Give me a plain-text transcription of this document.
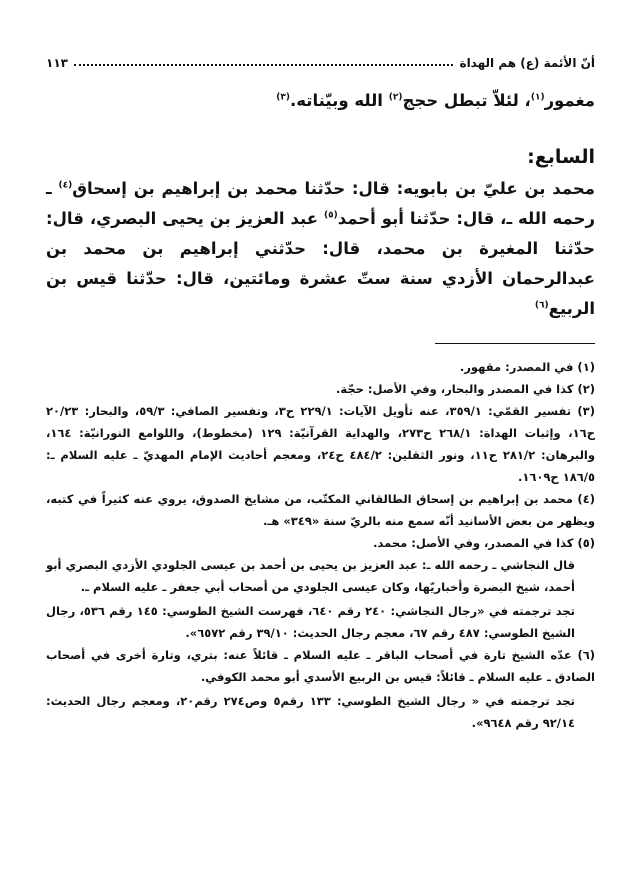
أنّ الأئمة (ع) هم الهداة
١١٣

مغمور$^{(١)}$، لئلاّ تبطل حجج$^{(٢)}$ الله وبيّناته.$^{(٣)}$

السابع:

محمد بن عليّ بن بابويه: قال: حدّثنا محمد بن إبراهيم بن إسحاق$^{(٤)}$ ـ رحمه الله ـ، قال: حدّثنا أبو أحمد$^{(٥)}$ عبد العزيز بن يحيى البصري، قال: حدّثنا المغيرة بن محمد، قال: حدّثني إبراهيم بن محمد بن عبدالرحمان الأزدي سنة ستّ عشرة ومائتين، قال: حدّثنا قيس بن الربيع$^{(٦)}$

(١) في المصدر: مقهور.

(٢) كذا في المصدر والبحار، وفي الأصل: حجّة.

(٣) تفسير القمّي: ٣٥٩/١، عنه تأويل الآيات: ٢٢٩/١ ح٣، وتفسير الصافي: ٥٩/٣، والبحار: ٢٠/٢٣ ح١٦، وإثبات الهداة: ٢٦٨/١ ح٢٧٣، والهداية القرآنيّة: ١٢٩ (مخطوط)، واللوامع النورانيّة: ١٦٤، والبرهان: ٢٨١/٢ ح١١، ونور الثقلين: ٤٨٤/٢ ح٢٤، ومعجم أحاديث الإمام المهديّ ـ عليه السلام ـ: ١٨٦/٥ ح١٦٠٩.

(٤) محمد بن إبراهيم بن إسحاق الطالقاني المكتّب، من مشايخ الصدوق، يروي عنه كثيراً في كتبه، ويظهر من بعض الأسانيد أنّه سمع منه بالريّ سنة «٣٤٩» هـ.

(٥) كذا في المصدر، وفي الأصل: محمد.

قال النجاشي ـ رحمه الله ـ: عبد العزيز بن يحيى بن أحمد بن عيسى الجلودي الأزدي البصري أبو أحمد، شيخ البصرة وأخباريّها، وكان عيسى الجلودي من أصحاب أبي جعفر ـ عليه السلام ـ.

تجد ترجمته في «رجال النجاشي: ٢٤٠ رقم ٦٤٠، فهرست الشيخ الطوسي: ١٤٥ رقم ٥٣٦، رجال الشيخ الطوسي: ٤٨٧ رقم ٦٧، معجم رجال الحديث: ٣٩/١٠ رقم ٦٥٧٢».

(٦) عدّه الشيخ تارة في أصحاب الباقر ـ عليه السلام ـ قائلاً عنه: بتري، وتارة أخرى في أصحاب الصادق ـ عليه السلام ـ قائلاً: قيس بن الربيع الأسدي أبو محمد الكوفي.

تجد ترجمته في « رجال الشيخ الطوسي: ١٣٣ رقم٥ وص٢٧٤ رقم٢٠، ومعجم رجال الحديث: ٩٢/١٤ رقم ٩٦٤٨».
